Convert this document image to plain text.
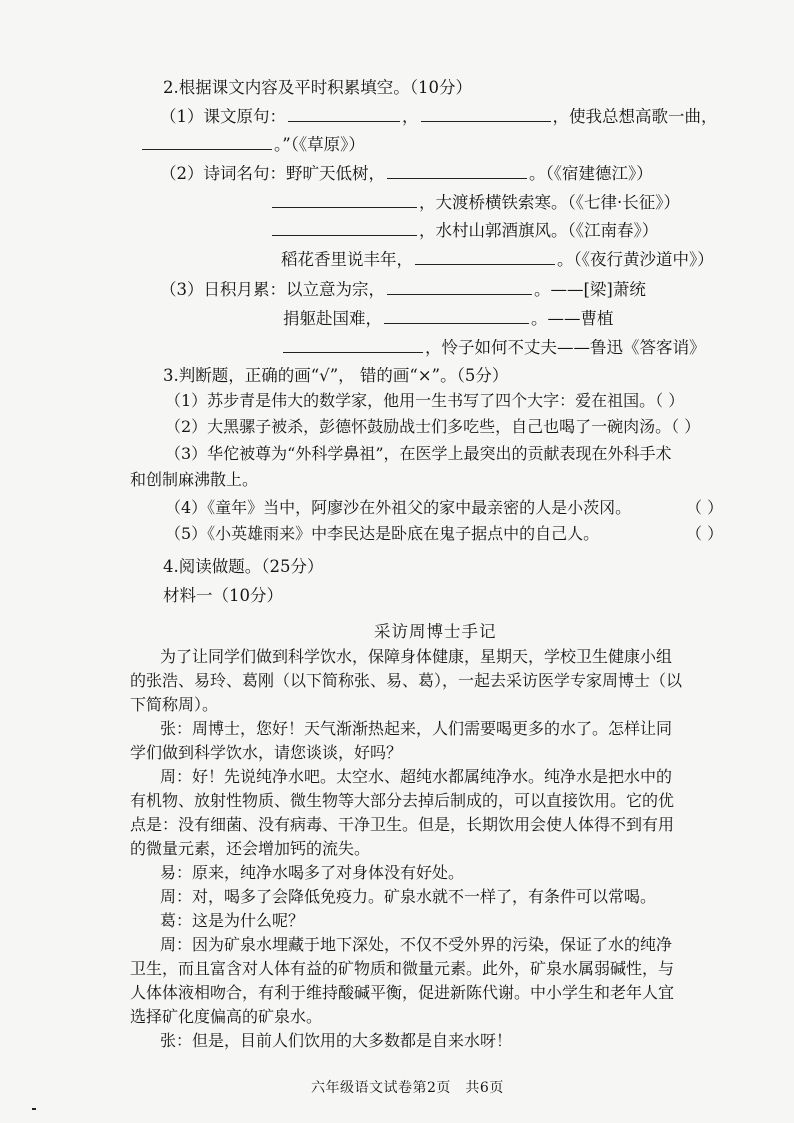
2.根据课文内容及平时积累填空。（10分）
（1）课文原句：	，	，使我总想高歌一曲，
。”（《草原》）
（2）诗词名句：野旷天低树，	。（《宿建德江》）
，大渡桥横铁索寒。（《七律·长征》）
，水村山郭酒旗风。（《江南春》）
稻花香里说丰年，	。（《夜行黄沙道中》）
（3）日积月累：以立意为宗，	。——[梁]萧统
捐躯赴国难，	。——曹植
，怜子如何不丈夫——鲁迅《答客诮》
3.判断题，正确的画“√”， 错的画“×”。（5分）
（1）苏步青是伟大的数学家，他用一生书写了四个大字：爱在祖国。（ ）
（2）大黑骡子被杀，彭德怀鼓励战士们多吃些，自己也喝了一碗肉汤。（ ）
（3）华佗被尊为“外科学鼻祖”，在医学上最突出的贡献表现在外科手术
和创制麻沸散上。
（4）《童年》当中，阿廖沙在外祖父的家中最亲密的人是小茨冈。	（ ）
（5）《小英雄雨来》中李民达是卧底在鬼子据点中的自己人。	（ ）
4.阅读做题。（25分）
材料一（10分）
采访周博士手记
为了让同学们做到科学饮水，保障身体健康，星期天，学校卫生健康小组
的张浩、易玲、葛刚（以下简称张、易、葛），一起去采访医学专家周博士（以
下简称周）。
张：周博士，您好！天气渐渐热起来，人们需要喝更多的水了。怎样让同
学们做到科学饮水，请您谈谈，好吗？
周：好！先说纯净水吧。太空水、超纯水都属纯净水。纯净水是把水中的
有机物、放射性物质、微生物等大部分去掉后制成的，可以直接饮用。它的优
点是：没有细菌、没有病毒、干净卫生。但是，长期饮用会使人体得不到有用
的微量元素，还会增加钙的流失。
易：原来，纯净水喝多了对身体没有好处。
周：对，喝多了会降低免疫力。矿泉水就不一样了，有条件可以常喝。
葛：这是为什么呢？
周：因为矿泉水埋藏于地下深处，不仅不受外界的污染，保证了水的纯净
卫生，而且富含对人体有益的矿物质和微量元素。此外，矿泉水属弱碱性，与
人体体液相吻合，有利于维持酸碱平衡，促进新陈代谢。中小学生和老年人宜
选择矿化度偏高的矿泉水。
张：但是，目前人们饮用的大多数都是自来水呀！
六年级语文试卷第2页　共6页
